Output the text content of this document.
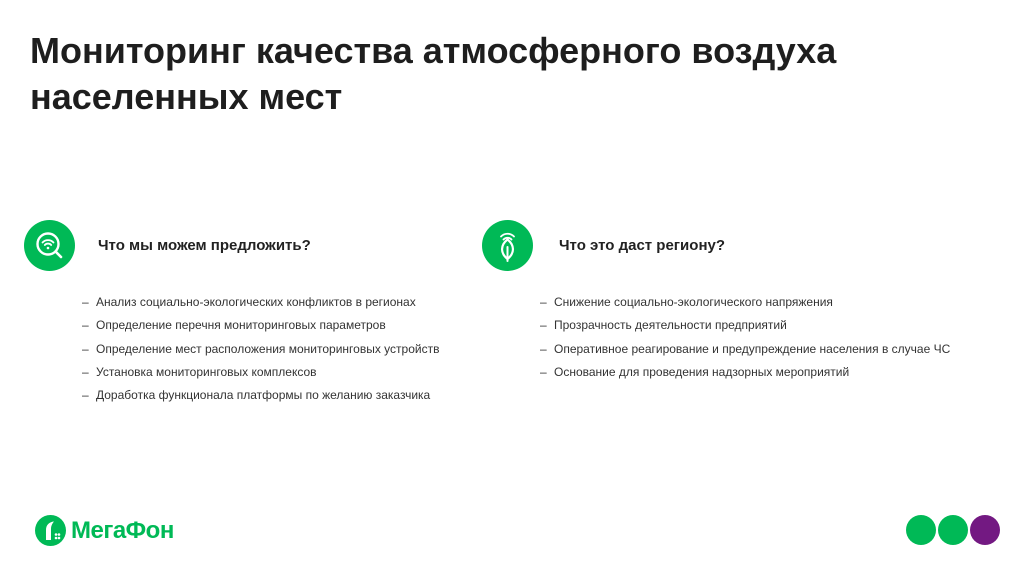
Мониторинг качества атмосферного воздуха населенных мест
Что мы можем предложить?
– Анализ социально-экологических конфликтов в регионах
– Определение перечня мониторинговых параметров
– Определение мест расположения мониторинговых устройств
– Установка мониторинговых комплексов
– Доработка функционала платформы по желанию заказчика
Что это даст региону?
– Снижение социально-экологического напряжения
– Прозрачность деятельности предприятий
– Оперативное реагирование и предупреждение населения в случае ЧС
– Основание для проведения надзорных мероприятий
МегаФон
